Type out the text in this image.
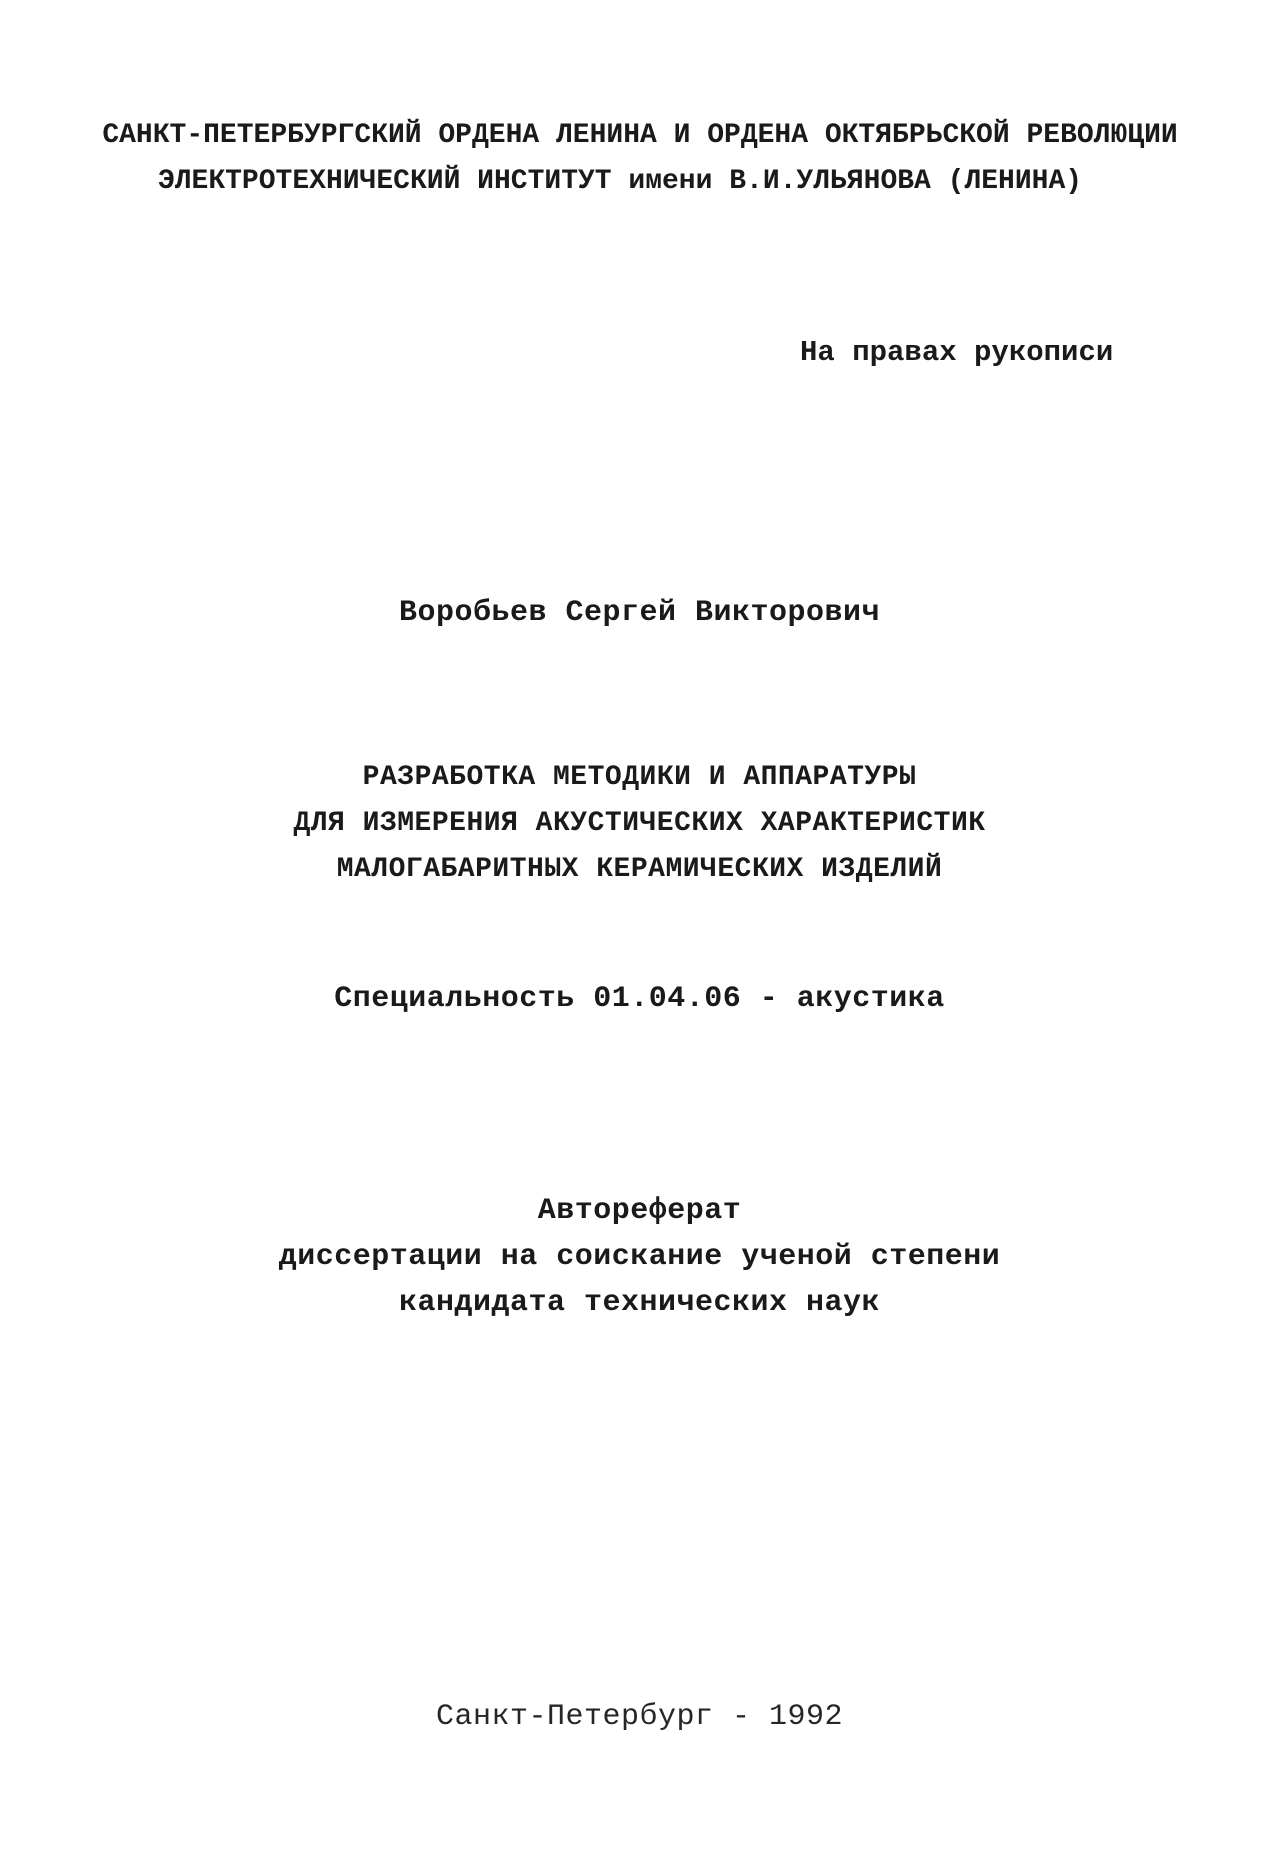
САНКТ-ПЕТЕРБУРГСКИЙ ОРДЕНА ЛЕНИНА И ОРДЕНА ОКТЯБРЬСКОЙ РЕВОЛЮЦИИ
ЭЛЕКТРОТЕХНИЧЕСКИЙ ИНСТИТУТ имени В.И.УЛЬЯНОВА (ЛЕНИНА)
На правах рукописи
Воробьев Сергей Викторович
РАЗРАБОТКА МЕТОДИКИ И АППАРАТУРЫ
ДЛЯ ИЗМЕРЕНИЯ АКУСТИЧЕСКИХ ХАРАКТЕРИСТИК
МАЛОГАБАРИТНЫХ КЕРАМИЧЕСКИХ ИЗДЕЛИЙ
Специальность 01.04.06 - акустика
Автореферат
диссертации на соискание ученой степени
кандидата технических наук
Санкт-Петербург - 1992
